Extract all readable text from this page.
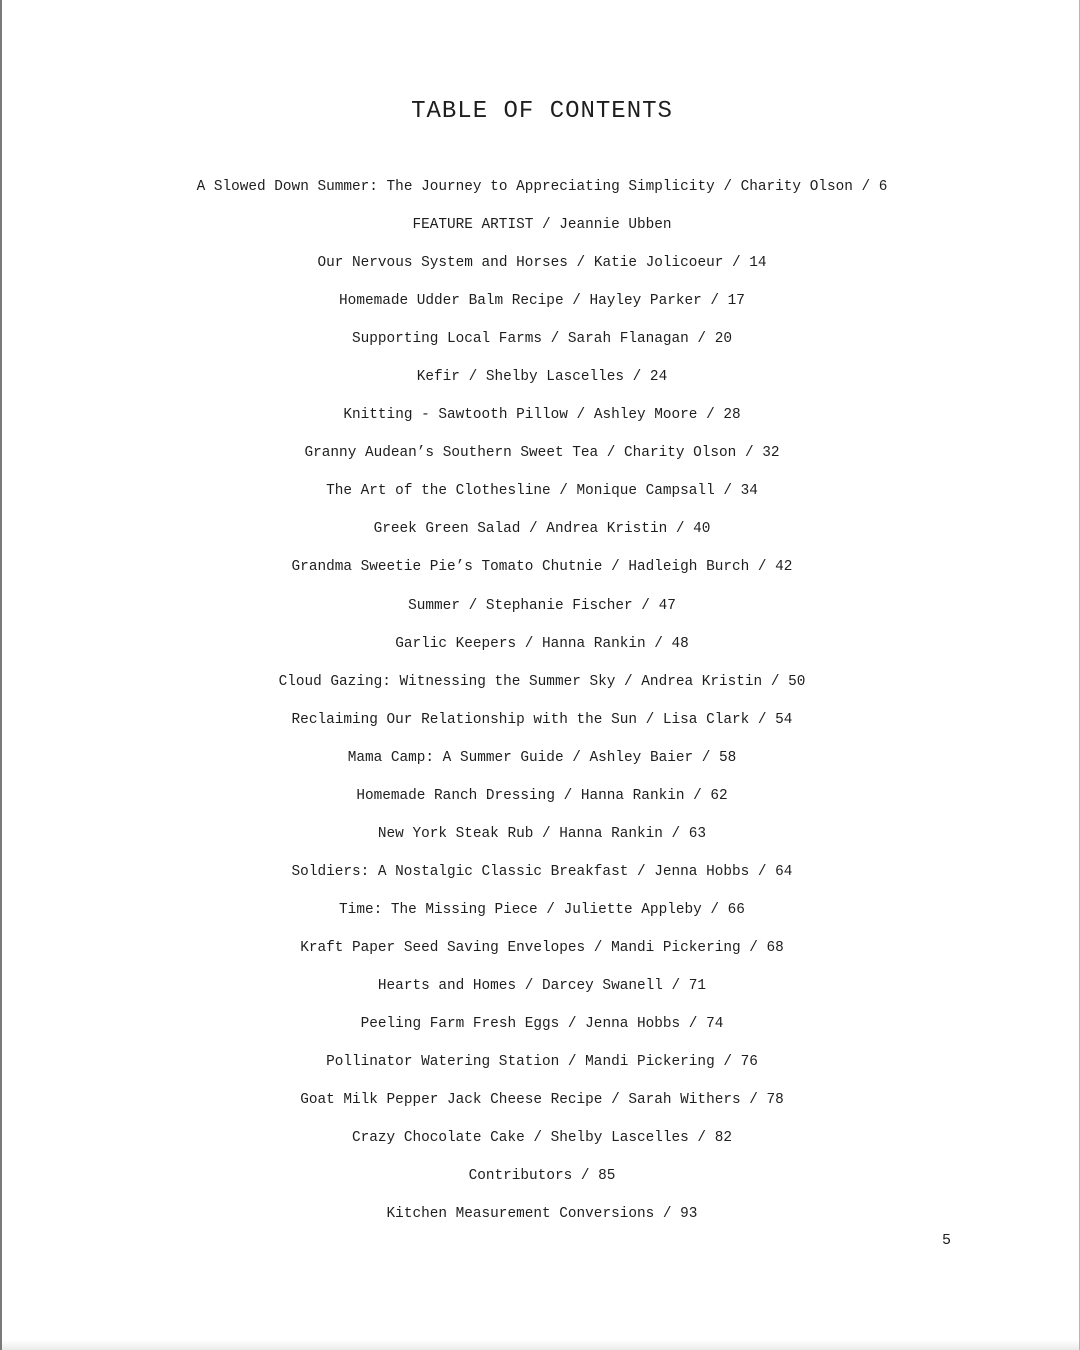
TABLE OF CONTENTS
A Slowed Down Summer: The Journey to Appreciating Simplicity / Charity Olson / 6
FEATURE ARTIST / Jeannie Ubben
Our Nervous System and Horses / Katie Jolicoeur / 14
Homemade Udder Balm Recipe / Hayley Parker / 17
Supporting Local Farms / Sarah Flanagan / 20
Kefir / Shelby Lascelles / 24
Knitting - Sawtooth Pillow / Ashley Moore / 28
Granny Audean’s Southern Sweet Tea / Charity Olson / 32
The Art of the Clothesline / Monique Campsall / 34
Greek Green Salad / Andrea Kristin / 40
Grandma Sweetie Pie’s Tomato Chutnie / Hadleigh Burch / 42
Summer / Stephanie Fischer / 47
Garlic Keepers / Hanna Rankin / 48
Cloud Gazing: Witnessing the Summer Sky / Andrea Kristin / 50
Reclaiming Our Relationship with the Sun / Lisa Clark / 54
Mama Camp: A Summer Guide / Ashley Baier / 58
Homemade Ranch Dressing / Hanna Rankin / 62
New York Steak Rub / Hanna Rankin / 63
Soldiers: A Nostalgic Classic Breakfast / Jenna Hobbs / 64
Time: The Missing Piece / Juliette Appleby / 66
Kraft Paper Seed Saving Envelopes / Mandi Pickering / 68
Hearts and Homes / Darcey Swanell / 71
Peeling Farm Fresh Eggs / Jenna Hobbs / 74
Pollinator Watering Station / Mandi Pickering / 76
Goat Milk Pepper Jack Cheese Recipe / Sarah Withers / 78
Crazy Chocolate Cake / Shelby Lascelles / 82
Contributors / 85
Kitchen Measurement Conversions / 93
5
